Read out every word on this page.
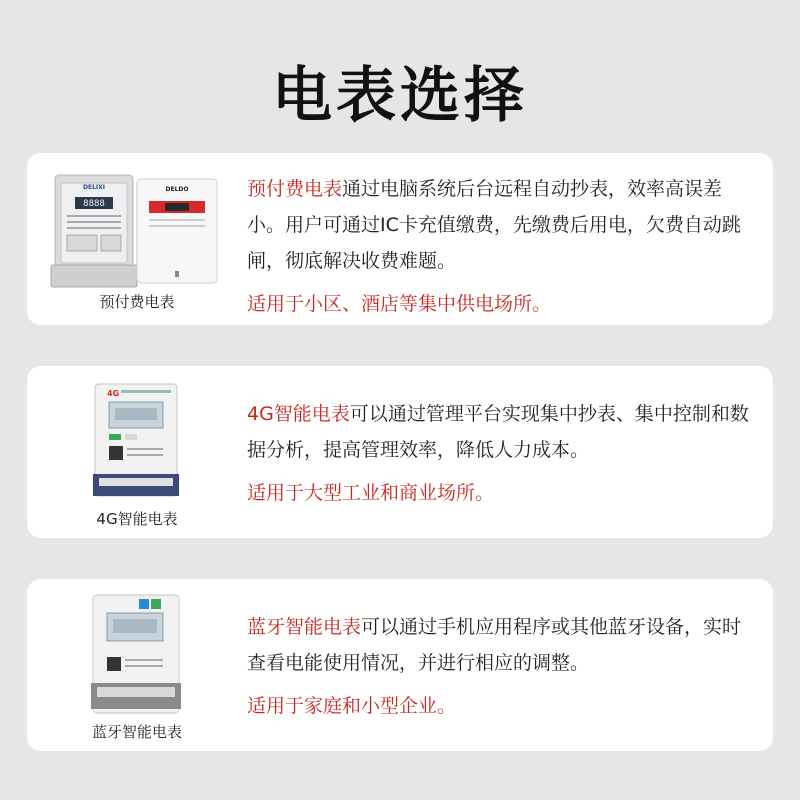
电表选择
8888
DELIXI	DELDO
预付费电表

预付费电表通过电脑系统后台远程自动抄表，效率高误差小。用户可通过IC卡充值缴费，先缴费后用电，欠费自动跳闸，彻底解决收费难题。

适用于小区、酒店等集中供电场所。
4G
4G智能电表

4G智能电表可以通过管理平台实现集中抄表、集中控制和数据分析，提高管理效率，降低人力成本。

适用于大型工业和商业场所。
蓝牙智能电表

蓝牙智能电表可以通过手机应用程序或其他蓝牙设备，实时查看电能使用情况，并进行相应的调整。

适用于家庭和小型企业。
